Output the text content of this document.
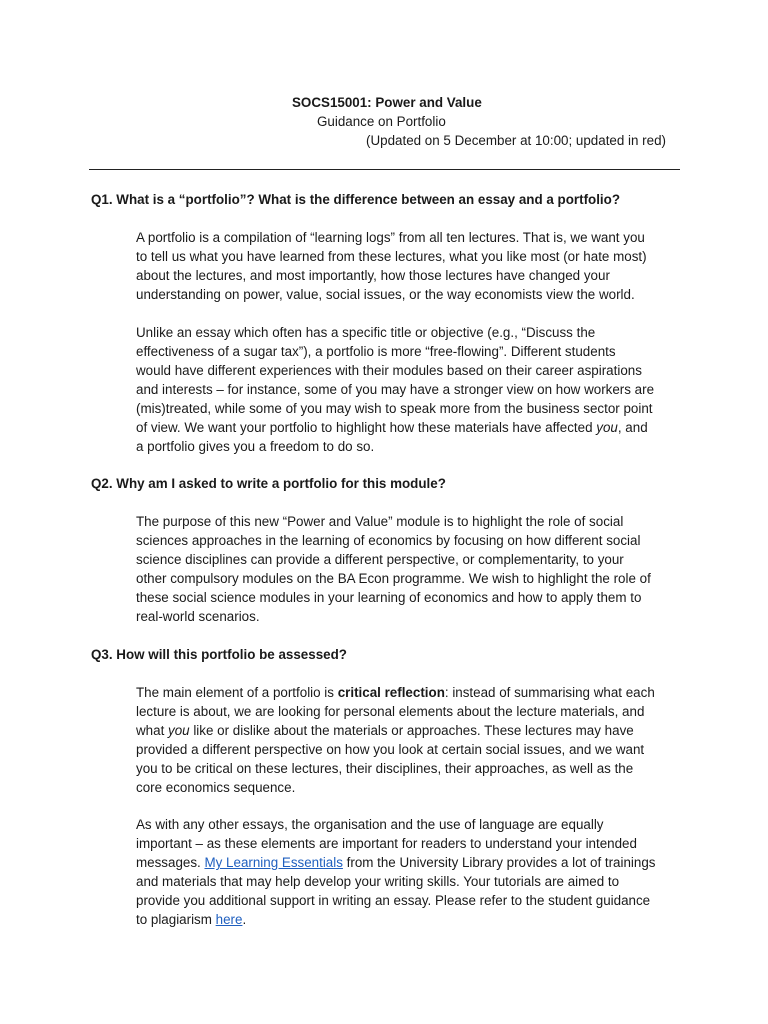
SOCS15001: Power and Value
Guidance on Portfolio
(Updated on 5 December at 10:00; updated in red)
Q1. What is a “portfolio”? What is the difference between an essay and a portfolio?
A portfolio is a compilation of “learning logs” from all ten lectures. That is, we want you
to tell us what you have learned from these lectures, what you like most (or hate most)
about the lectures, and most importantly, how those lectures have changed your
understanding on power, value, social issues, or the way economists view the world.
Unlike an essay which often has a specific title or objective (e.g., “Discuss the
effectiveness of a sugar tax”), a portfolio is more “free-flowing”. Different students
would have different experiences with their modules based on their career aspirations
and interests – for instance, some of you may have a stronger view on how workers are
(mis)treated, while some of you may wish to speak more from the business sector point
of view. We want your portfolio to highlight how these materials have affected you, and
a portfolio gives you a freedom to do so.
Q2. Why am I asked to write a portfolio for this module?
The purpose of this new “Power and Value” module is to highlight the role of social
sciences approaches in the learning of economics by focusing on how different social
science disciplines can provide a different perspective, or complementarity, to your
other compulsory modules on the BA Econ programme. We wish to highlight the role of
these social science modules in your learning of economics and how to apply them to
real-world scenarios.
Q3. How will this portfolio be assessed?
The main element of a portfolio is critical reflection: instead of summarising what each
lecture is about, we are looking for personal elements about the lecture materials, and
what you like or dislike about the materials or approaches. These lectures may have
provided a different perspective on how you look at certain social issues, and we want
you to be critical on these lectures, their disciplines, their approaches, as well as the
core economics sequence.
As with any other essays, the organisation and the use of language are equally
important – as these elements are important for readers to understand your intended
messages. My Learning Essentials from the University Library provides a lot of trainings
and materials that may help develop your writing skills. Your tutorials are aimed to
provide you additional support in writing an essay. Please refer to the student guidance
to plagiarism here.
